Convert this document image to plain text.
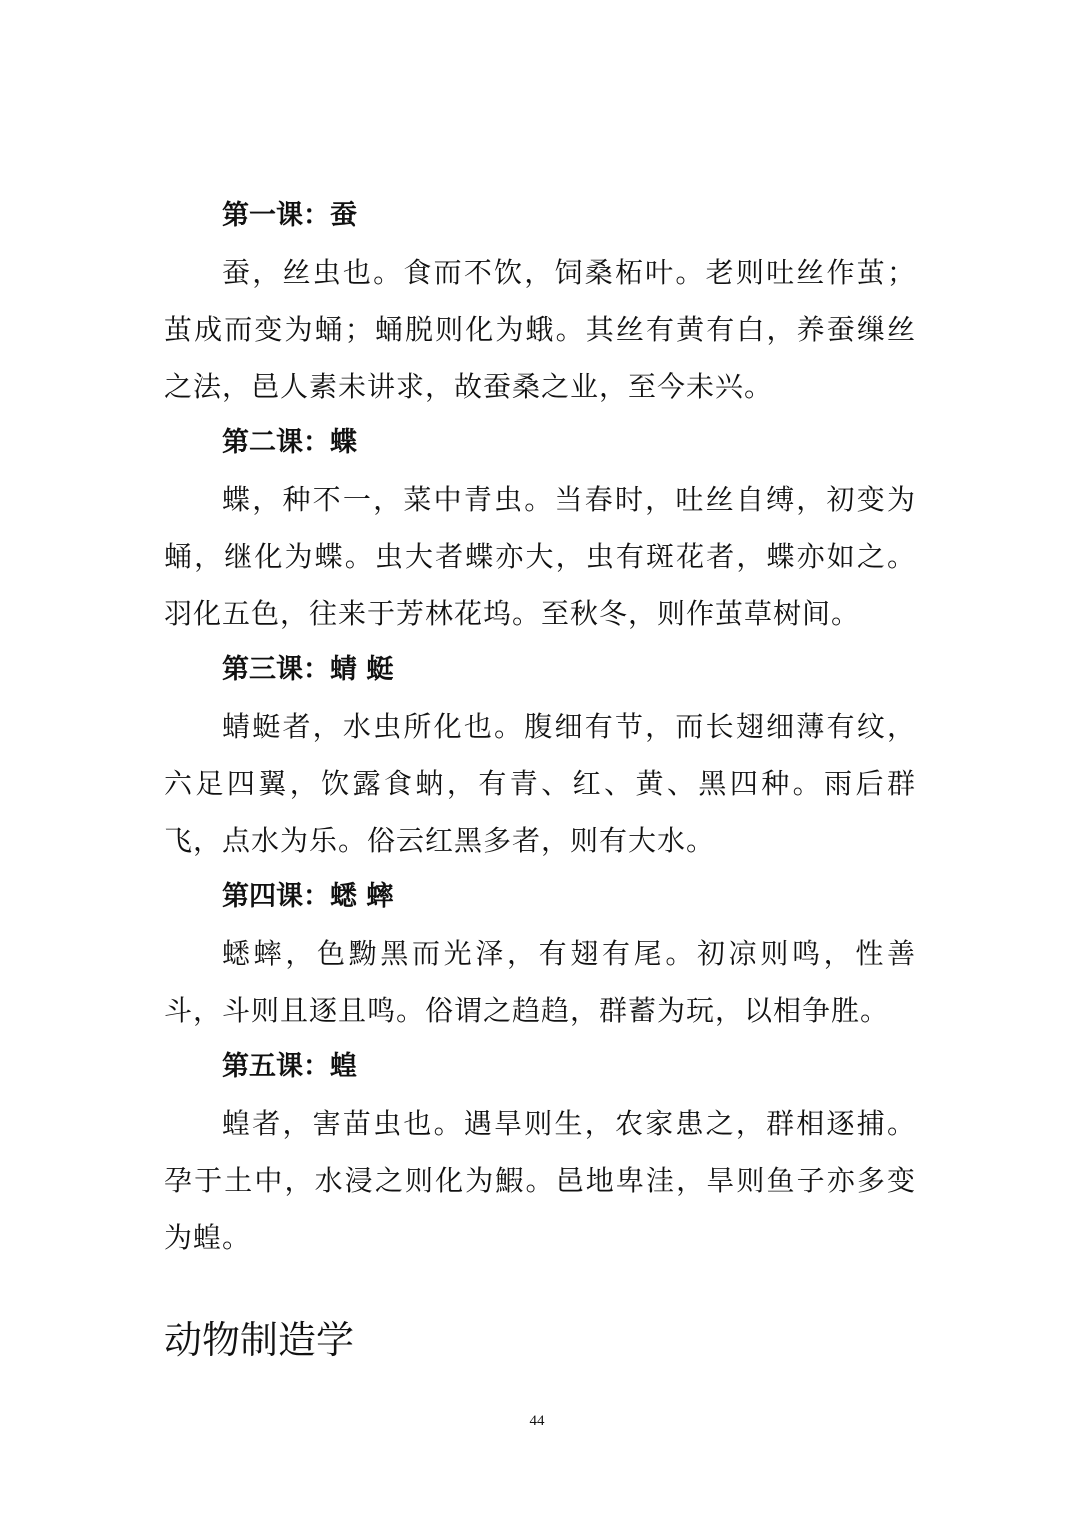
第一课：蚕

蚕，丝虫也。食而不饮，饲桑柘叶。老则吐丝作茧；茧成而变为蛹；蛹脱则化为蛾。其丝有黄有白，养蚕缫丝之法，邑人素未讲求，故蚕桑之业，至今未兴。

第二课：蝶

蝶，种不一，菜中青虫。当春时，吐丝自缚，初变为蛹，继化为蝶。虫大者蝶亦大，虫有斑花者，蝶亦如之。羽化五色，往来于芳林花坞。至秋冬，则作茧草树间。

第三课：蜻 蜓

蜻蜓者，水虫所化也。腹细有节，而长翅细薄有纹，六足四翼，饮露食蚋，有青、红、黄、黑四种。雨后群飞，点水为乐。俗云红黑多者，则有大水。

第四课：蟋 蟀

蟋蟀，色黝黑而光泽，有翅有尾。初凉则鸣，性善斗，斗则且逐且鸣。俗谓之趋趋，群蓄为玩，以相争胜。

第五课：蝗

蝗者，害苗虫也。遇旱则生，农家患之，群相逐捕。孕于土中，水浸之则化为鰕。邑地卑洼，旱则鱼子亦多变为蝗。

动物制造学
44
